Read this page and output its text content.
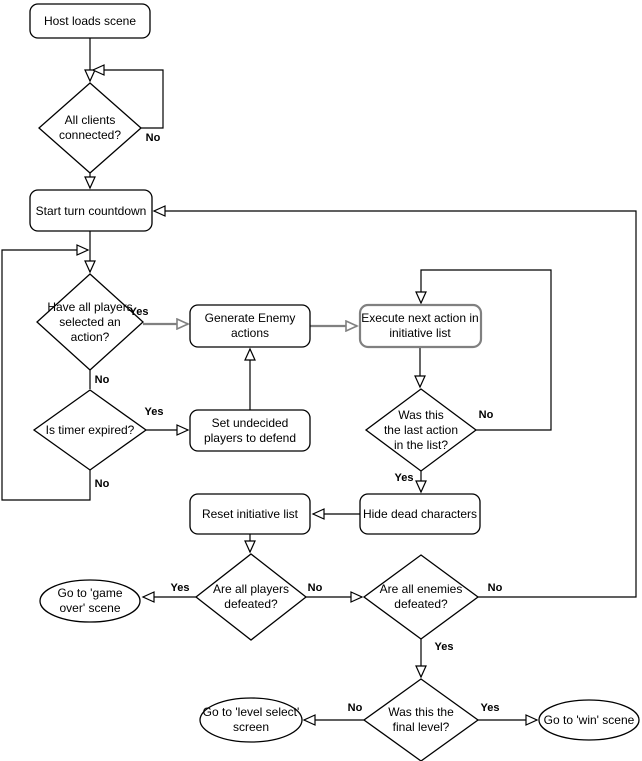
Host loads scene
All clients
connected?
Start turn countdown
Have all players
selected an
action?
Generate Enemy
actions
Execute next action in
initiative list
Is timer expired?	Set undecided
players to defend
Was this
the last action
in the list?
Reset initiative list	Hide dead characters
Are all players
defeated?
Are all enemies
defeated?
Go to 'game
over' scene
Was this the
final level?
Go to 'level select'
screen	Go to 'win' scene
No
Yes
No
Yes
No
No
Yes
Yes	No	No
Yes
No	Yes
